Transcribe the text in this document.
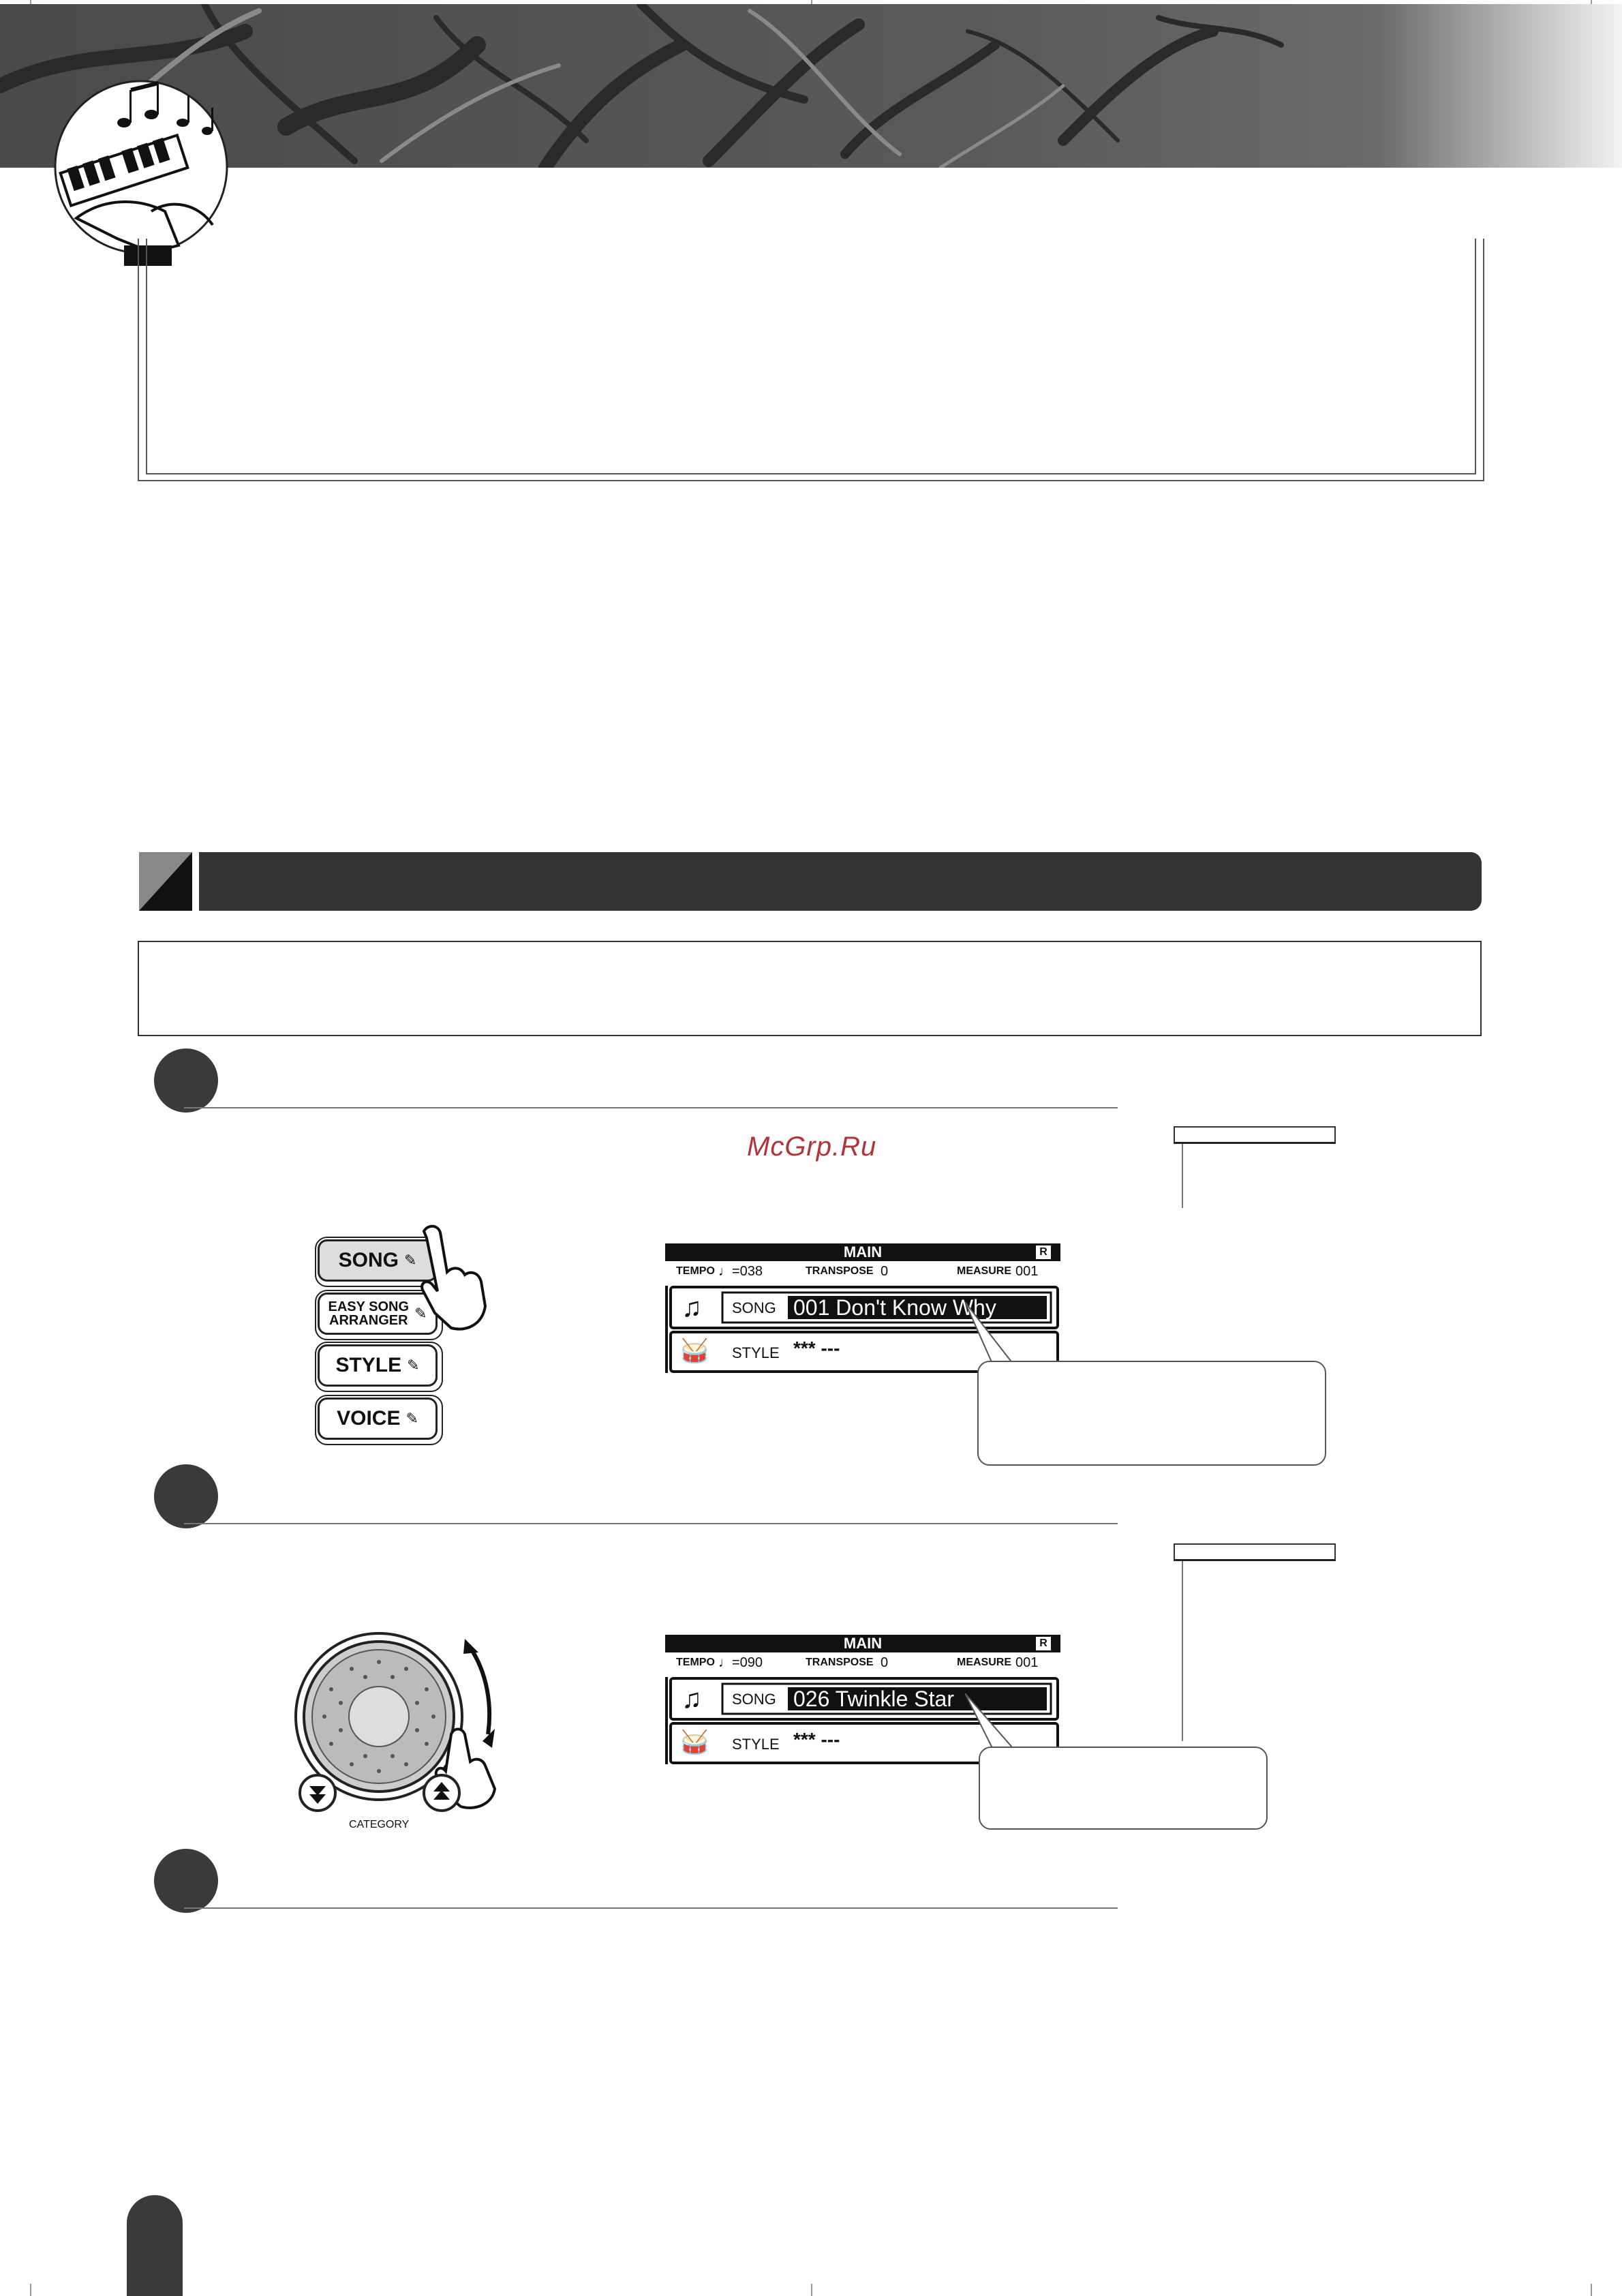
McGrp.Ru
SONG ✎
EASY SONG
ARRANGER ✎
STYLE ✎
VOICE ✎
MAIN	R
TEMPO ♩=038	TRANSPOSE 0	MEASURE 001
♫ SONG 001 Don't Know Why
🥁 STYLE *** ---
CATEGORY
MAIN	R
TEMPO ♩=090	TRANSPOSE 0	MEASURE 001
♫ SONG 026 Twinkle Star
🥁 STYLE *** ---
